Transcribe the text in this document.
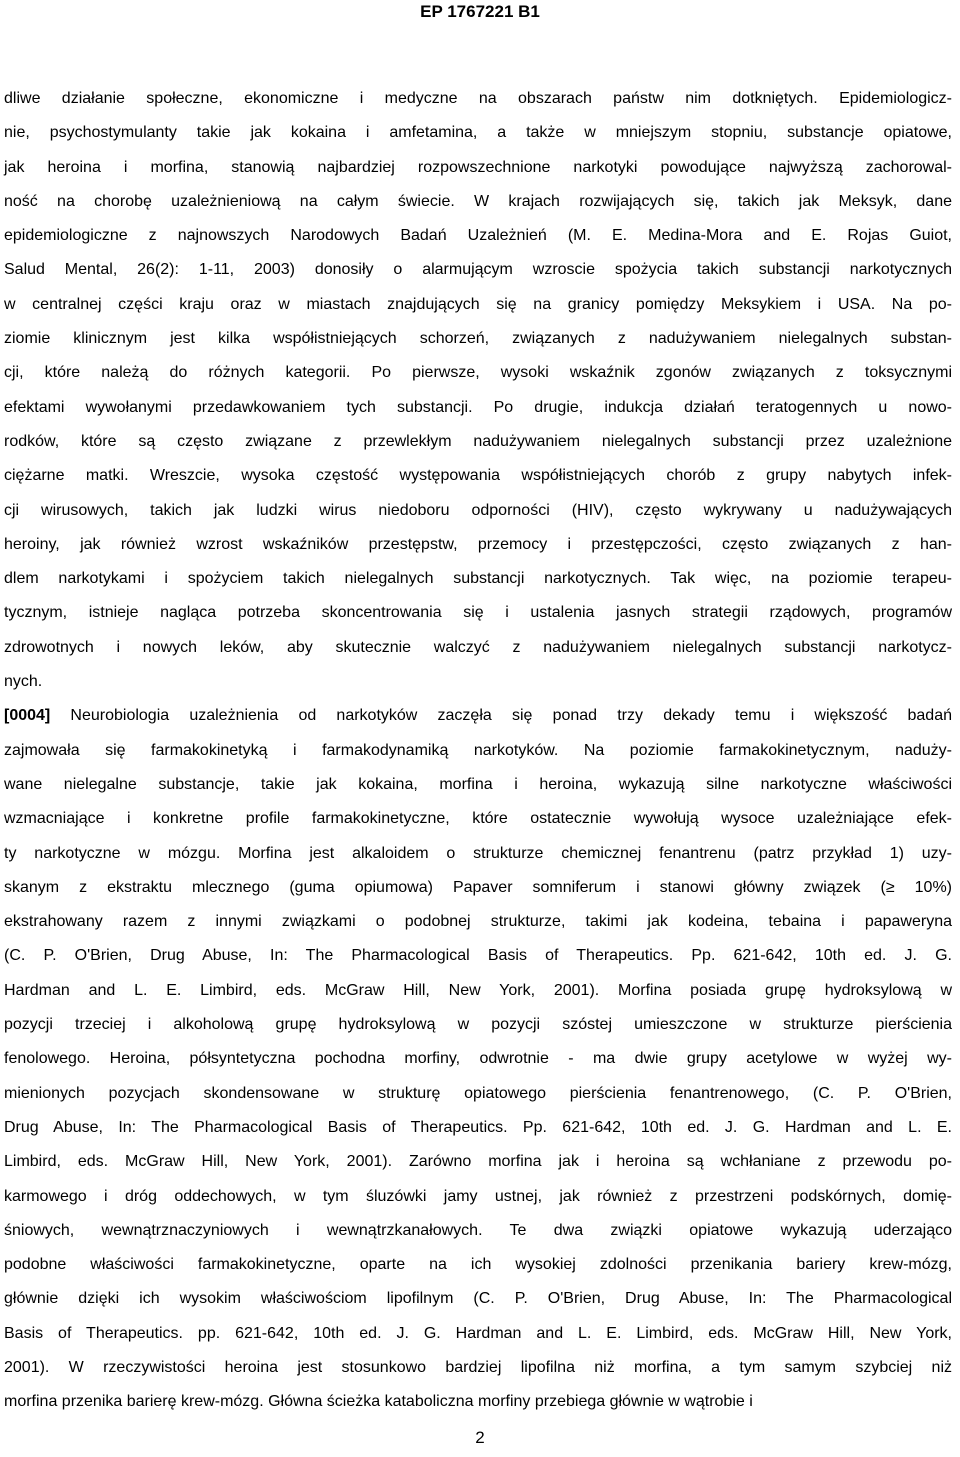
EP 1767221 B1
dliwe działanie społeczne, ekonomiczne i medyczne na obszarach państw nim dotkniętych. Epidemiologicz-
nie, psychostymulanty takie jak kokaina i amfetamina, a także w mniejszym stopniu, substancje opiatowe,
jak heroina i morfina, stanowią najbardziej rozpowszechnione narkotyki powodujące najwyższą zachorowal-
ność na chorobę uzależnieniową na całym świecie. W krajach rozwijających się, takich jak Meksyk, dane
epidemiologiczne z najnowszych Narodowych Badań Uzależnień (M. E. Medina-Mora and E. Rojas Guiot,
Salud Mental, 26(2): 1-11, 2003) donosiły o alarmującym wzroscie spożycia takich substancji narkotycznych
w centralnej części kraju oraz w miastach znajdujących się na granicy pomiędzy Meksykiem i USA. Na po-
ziomie klinicznym jest kilka współistniejących schorzeń, związanych z nadużywaniem nielegalnych substan-
cji, które należą do różnych kategorii. Po pierwsze, wysoki wskaźnik zgonów związanych z toksycznymi
efektami wywołanymi przedawkowaniem tych substancji. Po drugie, indukcja działań teratogennych u nowo-
rodków, które są często związane z przewlekłym nadużywaniem nielegalnych substancji przez uzależnione
ciężarne matki. Wreszcie, wysoka częstość występowania współistniejących chorób z grupy nabytych infek-
cji wirusowych, takich jak ludzki wirus niedoboru odporności (HIV), często wykrywany u nadużywających
heroiny, jak również wzrost wskaźników przestępstw, przemocy i przestępczości, często związanych z han-
dlem narkotykami i spożyciem takich nielegalnych substancji narkotycznych. Tak więc, na poziomie terapeu-
tycznym, istnieje nagląca potrzeba skoncentrowania się i ustalenia jasnych strategii rządowych, programów
zdrowotnych i nowych leków, aby skutecznie walczyć z nadużywaniem nielegalnych substancji narkotycz-
nych.
[0004] Neurobiologia uzależnienia od narkotyków zaczęła się ponad trzy dekady temu i większość badań
zajmowała się farmakokinetyką i farmakodynamiką narkotyków. Na poziomie farmakokinetycznym, naduży-
wane nielegalne substancje, takie jak kokaina, morfina i heroina, wykazują silne narkotyczne właściwości
wzmacniające i konkretne profile farmakokinetyczne, które ostatecznie wywołują wysoce uzależniające efek-
ty narkotyczne w mózgu. Morfina jest alkaloidem o strukturze chemicznej fenantrenu (patrz przykład 1) uzy-
skanym z ekstraktu mlecznego (guma opiumowa) Papaver somniferum i stanowi główny związek (≥ 10%)
ekstrahowany razem z innymi związkami o podobnej strukturze, takimi jak kodeina, tebaina i papaweryna
(C. P. O'Brien, Drug Abuse, In: The Pharmacological Basis of Therapeutics. Pp. 621-642, 10th ed. J. G.
Hardman and L. E. Limbird, eds. McGraw Hill, New York, 2001). Morfina posiada grupę hydroksylową w
pozycji trzeciej i alkoholową grupę hydroksylową w pozycji szóstej umieszczone w strukturze pierścienia
fenolowego. Heroina, półsyntetyczna pochodna morfiny, odwrotnie - ma dwie grupy acetylowe w wyżej wy-
mienionych pozycjach skondensowane w strukturę opiatowego pierścienia fenantrenowego, (C. P. O'Brien,
Drug Abuse, In: The Pharmacological Basis of Therapeutics. Pp. 621-642, 10th ed. J. G. Hardman and L. E.
Limbird, eds. McGraw Hill, New York, 2001). Zarówno morfina jak i heroina są wchłaniane z przewodu po-
karmowego i dróg oddechowych, w tym śluzówki jamy ustnej, jak również z przestrzeni podskórnych, domię-
śniowych, wewnątrznaczyniowych i wewnątrzkanałowych. Te dwa związki opiatowe wykazują uderzająco
podobne właściwości farmakokinetyczne, oparte na ich wysokiej zdolności przenikania bariery krew-mózg,
głównie dzięki ich wysokim właściwościom lipofilnym (C. P. O'Brien, Drug Abuse, In: The Pharmacological
Basis of Therapeutics. pp. 621-642, 10th ed. J. G. Hardman and L. E. Limbird, eds. McGraw Hill, New York,
2001). W rzeczywistości heroina jest stosunkowo bardziej lipofilna niż morfina, a tym samym szybciej niż
morfina przenika barierę krew-mózg. Główna ścieżka kataboliczna morfiny przebiega głównie w wątrobie i
2
